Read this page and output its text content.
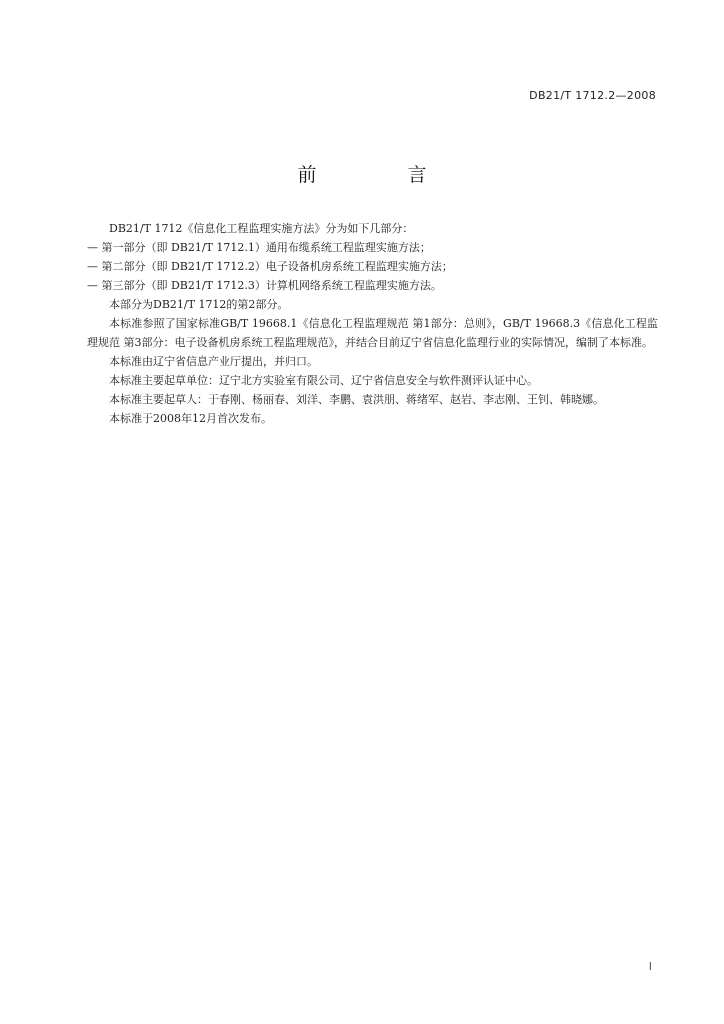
DB21/T 1712.2—2008
前　言

DB21/T 1712《信息化工程监理实施方法》分为如下几部分：

— 第一部分（即 DB21/T 1712.1）通用布缆系统工程监理实施方法；

— 第二部分（即 DB21/T 1712.2）电子设备机房系统工程监理实施方法；

— 第三部分（即 DB21/T 1712.3）计算机网络系统工程监理实施方法。

本部分为DB21/T 1712的第2部分。

本标准参照了国家标准GB/T 19668.1《信息化工程监理规范 第1部分：总则》，GB/T 19668.3《信息化工程监理规范 第3部分：电子设备机房系统工程监理规范》，并结合目前辽宁省信息化监理行业的实际情况，编制了本标准。

本标准由辽宁省信息产业厅提出，并归口。

本标准主要起草单位：辽宁北方实验室有限公司、辽宁省信息安全与软件测评认证中心。

本标准主要起草人：于春刚、杨丽春、刘洋、李鹏、袁洪朋、蒋绪军、赵岩、李志刚、王钊、韩晓娜。

本标准于2008年12月首次发布。

I
